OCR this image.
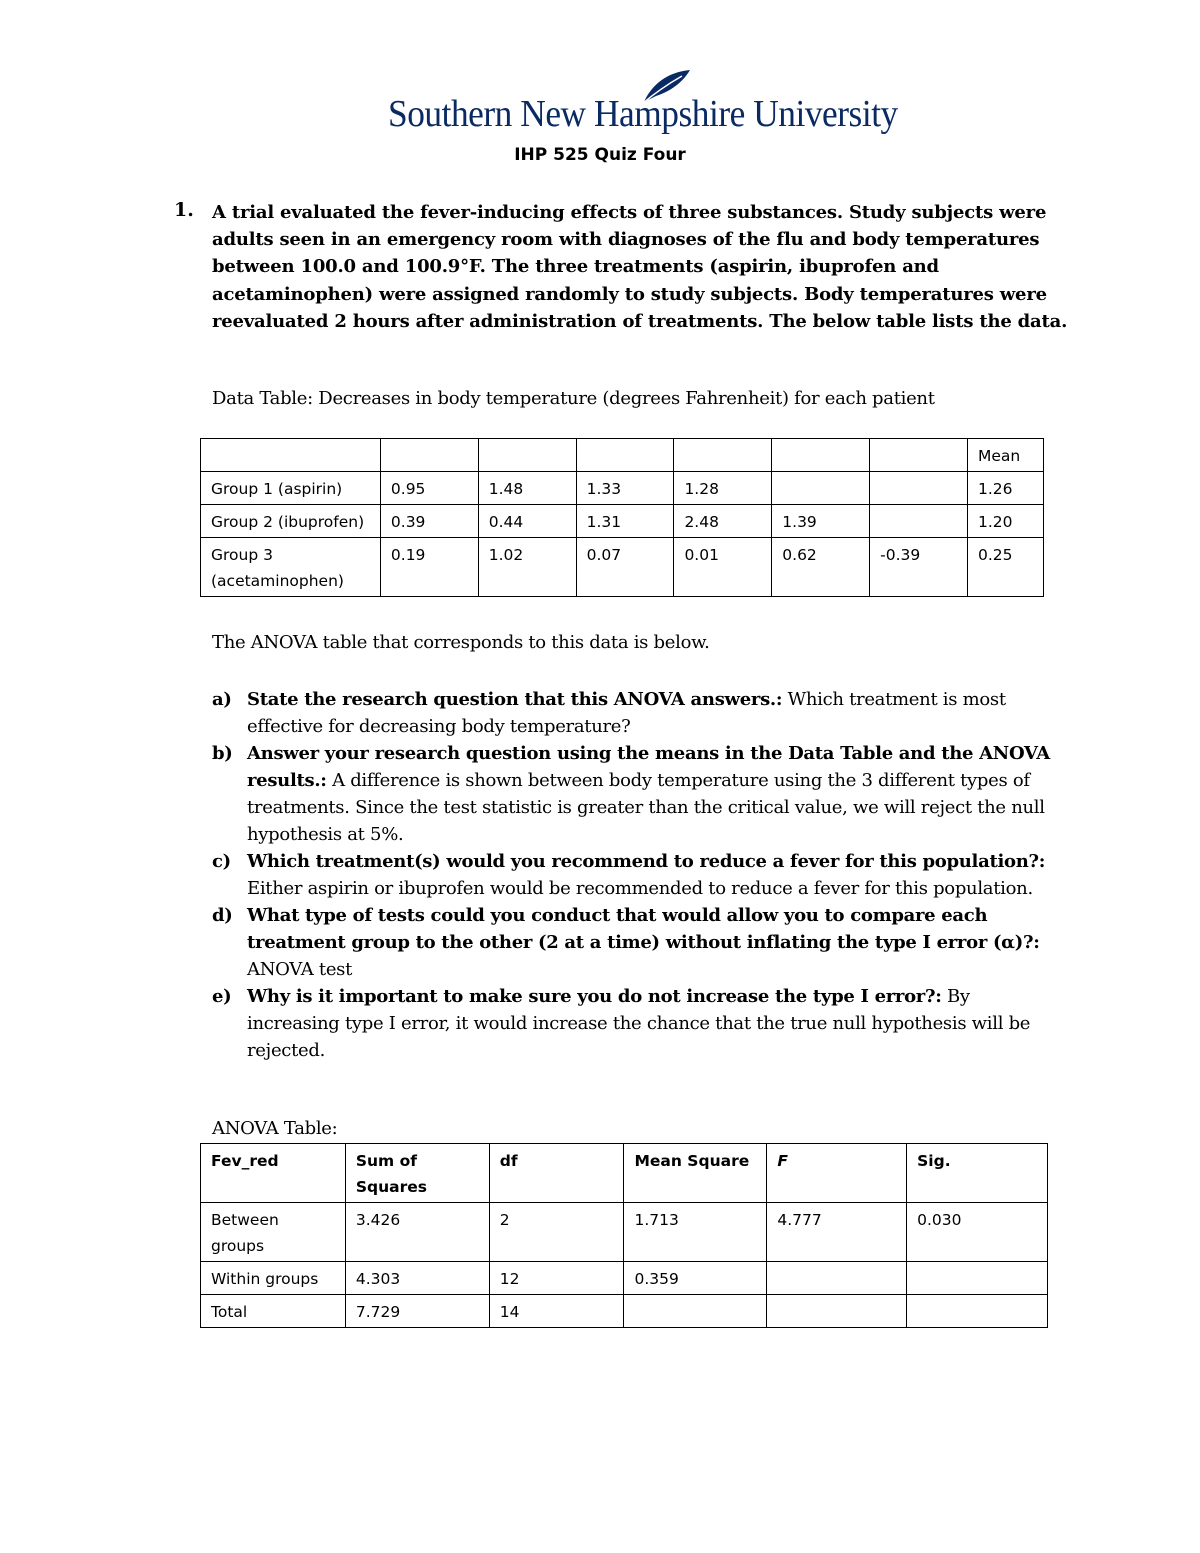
Southern New Hampshire University
IHP 525 Quiz Four
1. A trial evaluated the fever-inducing effects of three substances. Study subjects were adults seen in an emergency room with diagnoses of the flu and body temperatures between 100.0 and 100.9°F. The three treatments (aspirin, ibuprofen and acetaminophen) were assigned randomly to study subjects. Body temperatures were reevaluated 2 hours after administration of treatments. The below table lists the data.
Data Table: Decreases in body temperature (degrees Fahrenheit) for each patient
							Mean
Group 1 (aspirin)	0.95	1.48	1.33	1.28			1.26
Group 2 (ibuprofen)	0.39	0.44	1.31	2.48	1.39		1.20
Group 3 (acetaminophen)	0.19	1.02	0.07	0.01	0.62	-0.39	0.25
The ANOVA table that corresponds to this data is below.

a) State the research question that this ANOVA answers.: Which treatment is most effective for decreasing body temperature?

b) Answer your research question using the means in the Data Table and the ANOVA results.: A difference is shown between body temperature using the 3 different types of treatments. Since the test statistic is greater than the critical value, we will reject the null hypothesis at 5%.

c) Which treatment(s) would you recommend to reduce a fever for this population?: Either aspirin or ibuprofen would be recommended to reduce a fever for this population.

d) What type of tests could you conduct that would allow you to compare each treatment group to the other (2 at a time) without inflating the type I error (α)?: ANOVA test

e) Why is it important to make sure you do not increase the type I error?: By increasing type I error, it would increase the chance that the true null hypothesis will be rejected.

ANOVA Table:
Fev_red	Sum of Squares	df	Mean Square	F	Sig.
Between groups	3.426	2	1.713	4.777	0.030
Within groups	4.303	12	0.359		
Total	7.729	14			
